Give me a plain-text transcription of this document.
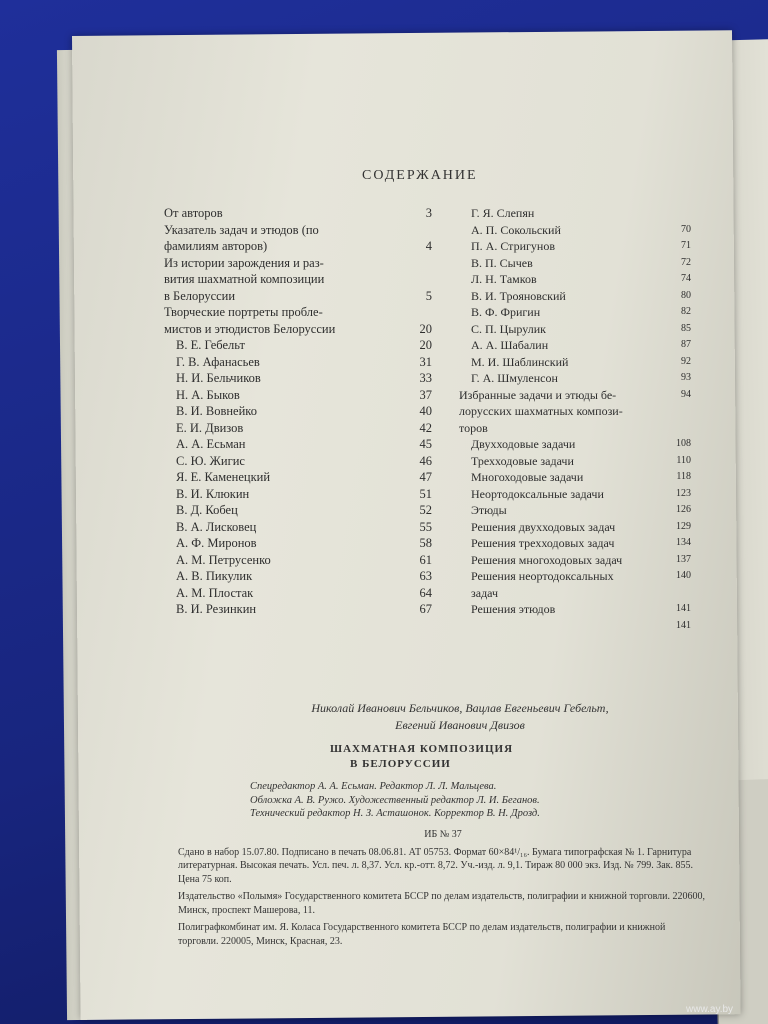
СОДЕРЖАНИЕ
От авторов	3
Указатель задач и этюдов (по
фамилиям авторов)	4
Из истории зарождения и раз-
вития шахматной композиции
в Белоруссии	5
Творческие портреты пробле-
мистов и этюдистов Белоруссии	20
В. Е. Гебельт	20
Г. В. Афанасьев	31
Н. И. Бельчиков	33
Н. А. Быков	37
В. И. Вовнейко	40
Е. И. Двизов	42
А. А. Есьман	45
С. Ю. Жигис	46
Я. Е. Каменецкий	47
В. И. Клюкин	51
В. Д. Кобец	52
В. А. Лисковец	55
А. Ф. Миронов	58
А. М. Петрусенко	61
А. В. Пикулик	63
А. М. Плостак	64
В. И. Резинкин	67
Г. Я. Слепян
А. П. Сокольский	70
П. А. Стригунов	71
В. П. Сычев	72
Л. Н. Тамков	74
В. И. Трояновский	80
В. Ф. Фригин	82
С. П. Цырулик	85
А. А. Шабалин	87
М. И. Шаблинский	92
Г. А. Шмуленсон	93
Избранные задачи и этюды бе-	94
лорусских шахматных компози-
торов
Двухходовые задачи	108
Трехходовые задачи	110
Многоходовые задачи	118
Неортодоксальные задачи	123
Этюды	126
Решения двухходовых задач	129
Решения трехходовых задач	134
Решения многоходовых задач	137
Решения неортодоксальных	140
задач
Решения этюдов	141
141
Николай Иванович Бельчиков, Вацлав Евгеньевич Гебельт,
Евгений Иванович Двизов
ШАХМАТНАЯ КОМПОЗИЦИЯ
В БЕЛОРУССИИ
Спецредактор А. А. Есьман. Редактор Л. Л. Мальцева.
Обложка А. В. Ружо. Художественный редактор Л. И. Беганов.
Технический редактор Н. З. Асташонок. Корректор В. Н. Дрозд.

ИБ № 37

Сдано в набор 15.07.80. Подписано в печать 08.06.81. АТ 05753. Формат 60×84¹/₁₆. Бумага типографская № 1. Гарнитура литературная. Высокая печать. Усл. печ. л. 8,37. Усл. кр.-отт. 8,72. Уч.-изд. л. 9,1. Тираж 80 000 экз. Изд. № 799. Зак. 855. Цена 75 коп.

Издательство «Полымя» Государственного комитета БССР по делам издательств, полиграфии и книжной торговли. 220600, Минск, проспект Машерова, 11.

Полиграфкомбинат им. Я. Коласа Государственного комитета БССР по делам издательств, полиграфии и книжной торговли. 220005, Минск, Красная, 23.

www.ay.by
